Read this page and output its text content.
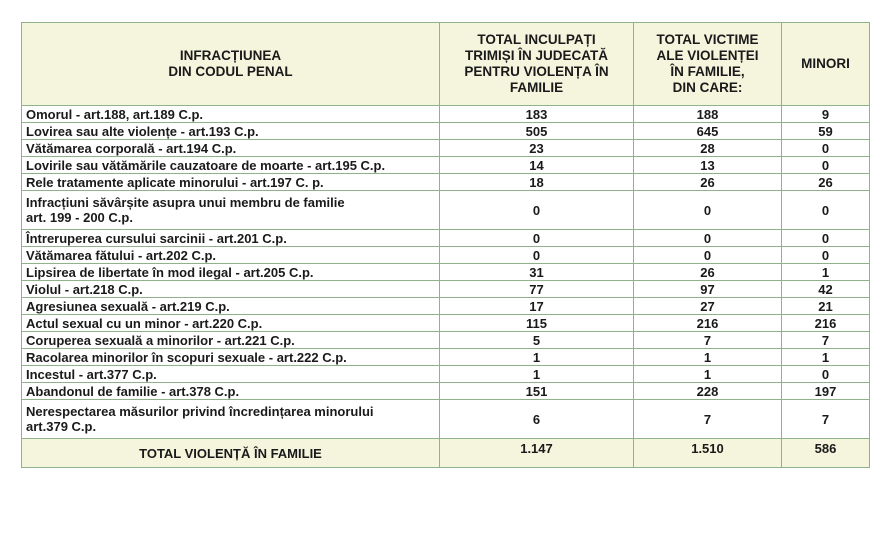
INFRACȚIUNEA
DIN CODUL PENAL	TOTAL INCULPAȚI
TRIMIȘI ÎN JUDECATĂ
PENTRU VIOLENȚA ÎN
FAMILIE	TOTAL VICTIME
ALE VIOLENȚEI
ÎN FAMILIE,
DIN CARE:	MINORI
Omorul - art.188, art.189 C.p.	183	188	9
Lovirea sau alte violențe - art.193 C.p.	505	645	59
Vătămarea corporală - art.194 C.p.	23	28	0
Lovirile sau vătămările cauzatoare de moarte - art.195 C.p.	14	13	0
Rele tratamente aplicate minorului - art.197 C. p.	18	26	26
Infracțiuni săvârșite asupra unui membru de familie
art. 199 - 200 C.p.	0	0	0
Întreruperea cursului sarcinii - art.201 C.p.	0	0	0
Vătămarea fătului - art.202 C.p.	0	0	0
Lipsirea de libertate în mod ilegal - art.205 C.p.	31	26	1
Violul - art.218 C.p.	77	97	42
Agresiunea sexuală - art.219 C.p.	17	27	21
Actul sexual cu un minor - art.220 C.p.	115	216	216
Coruperea sexuală a minorilor - art.221 C.p.	5	7	7
Racolarea minorilor în scopuri sexuale - art.222 C.p.	1	1	1
Incestul - art.377 C.p.	1	1	0
Abandonul de familie - art.378 C.p.	151	228	197
Nerespectarea măsurilor privind încredințarea minorului
art.379 C.p.	6	7	7
TOTAL VIOLENȚĂ ÎN FAMILIE	1.147	1.510	586
